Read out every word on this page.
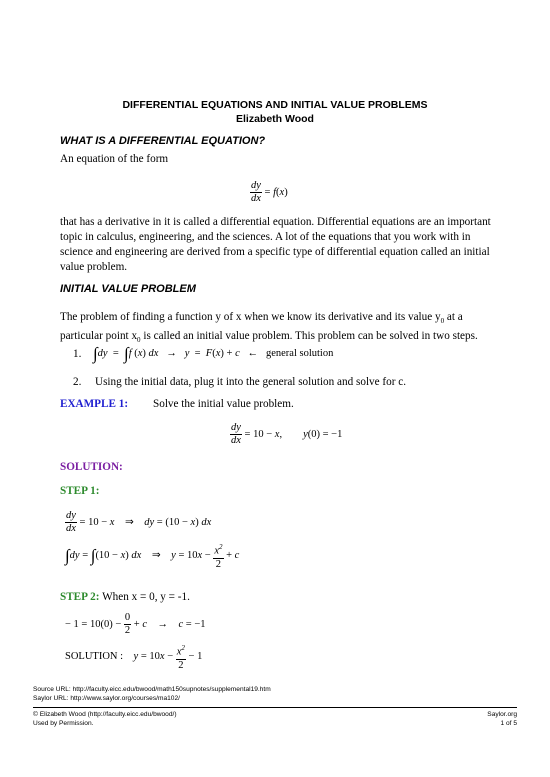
DIFFERENTIAL EQUATIONS AND INITIAL VALUE PROBLEMS
Elizabeth Wood
WHAT IS A DIFFERENTIAL EQUATION?
An equation of the form
$\frac{dy}{dx} = f(x)$
that has a derivative in it is called a differential equation. Differential equations are an important topic in calculus, engineering, and the sciences. A lot of the equations that you work with in science and engineering are derived from a specific type of differential equation called an initial value problem.
INITIAL VALUE PROBLEM
The problem of finding a function y of x when we know its derivative and its value $y_0$ at a particular point $x_0$ is called an initial value problem. This problem can be solved in two steps.
1. ∫dy  =  ∫f (x) dx   →   y  =  F(x) + c   ←   general solution
2. Using the initial data, plug it into the general solution and solve for c.
EXAMPLE 1: Solve the initial value problem.
$\frac{dy}{dx} = 10 - x$,        y(0) = −1
SOLUTION:
STEP 1:
$\frac{dy}{dx} = 10 - x$    ⇒    dy = (10 − x) dx
∫dy = ∫(10 − x) dx    ⇒    $y = 10x - \frac{x^2}{2} + c$
STEP 2: When x = 0, y = -1.
− $1 = 10(0) - \frac{0}{2} + c$    →    c = −1
SOLUTION : $y = 10x - \frac{x^2}{2} - 1$
Source URL: http://faculty.eicc.edu/bwood/math150supnotes/supplemental19.htm
Saylor URL: http://www.saylor.org/courses/ma102/
© Elizabeth Wood (http://faculty.eicc.edu/bwood/)
Used by Permission.
Saylor.org
1 of 5
